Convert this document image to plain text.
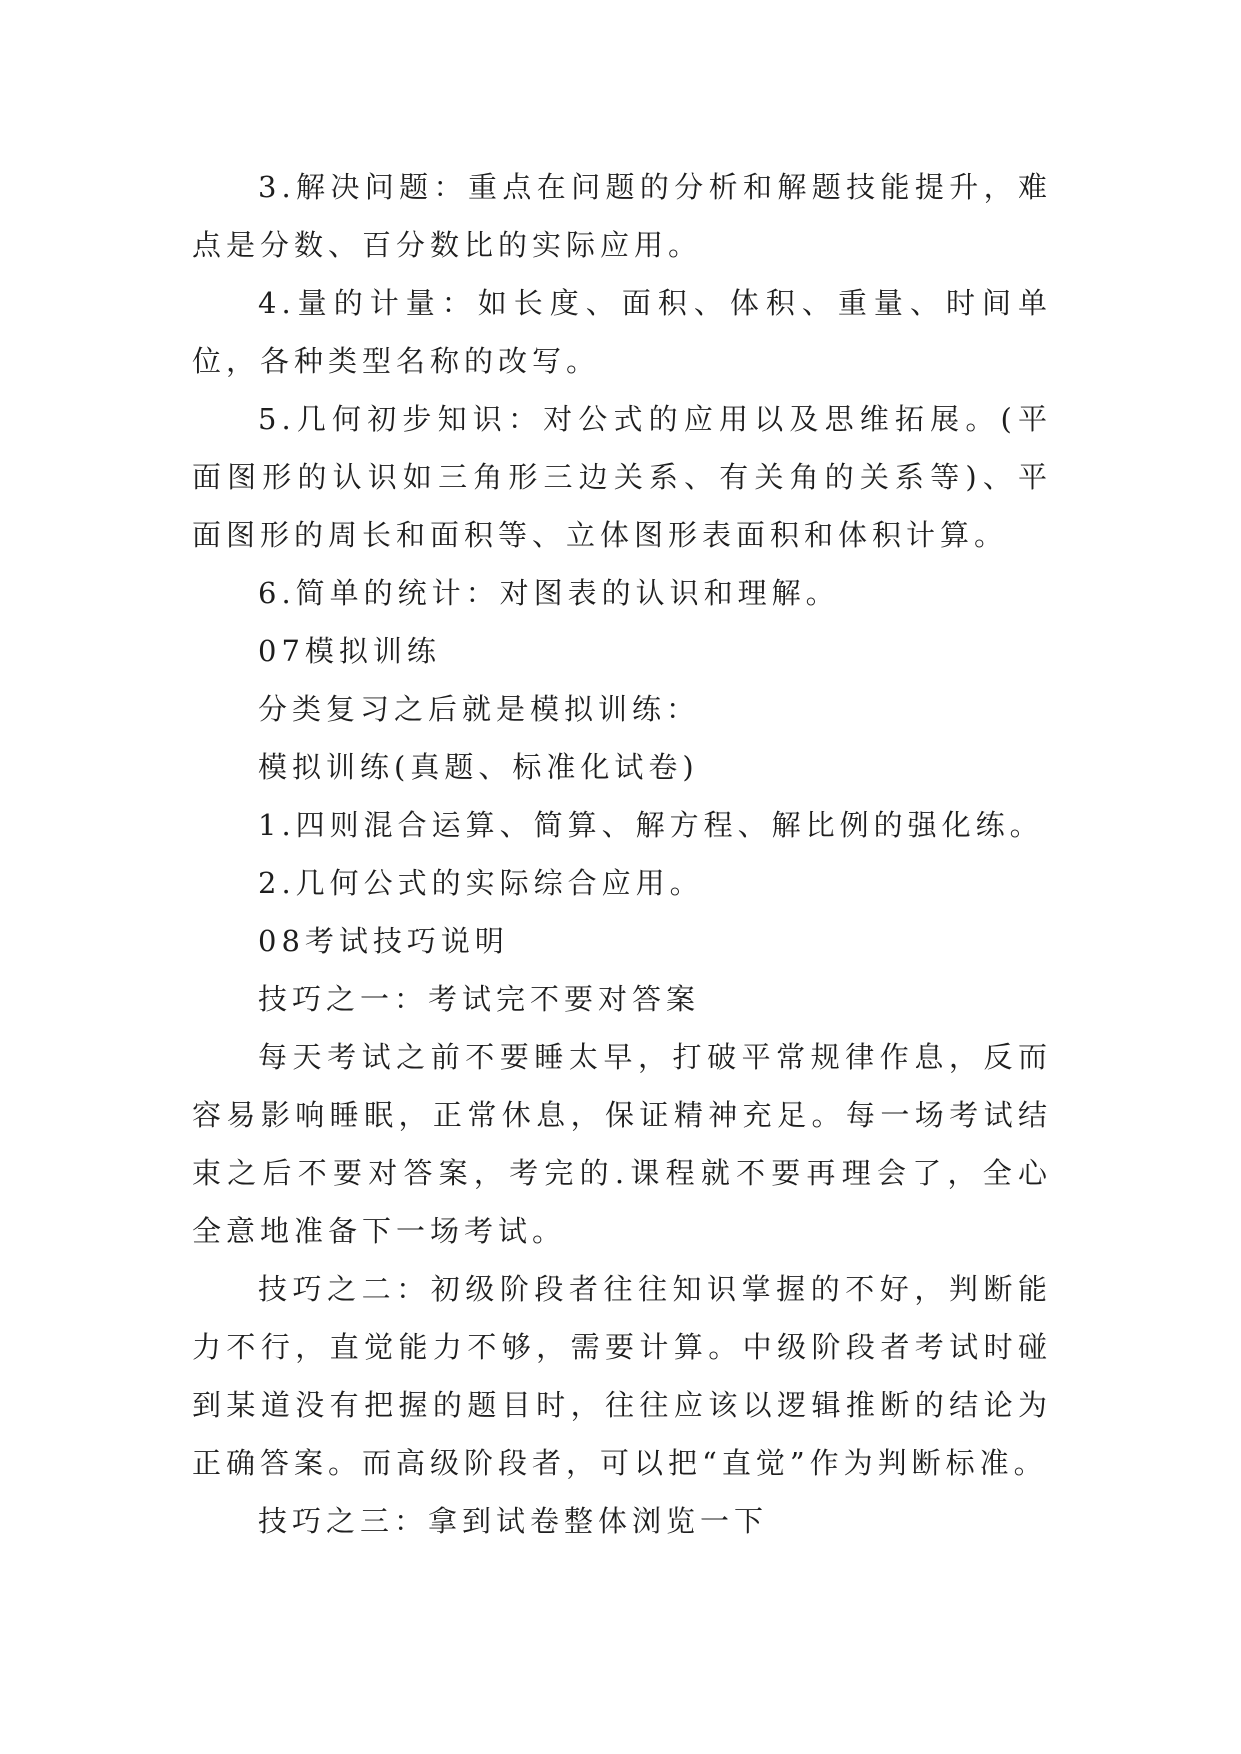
3.解决问题：重点在问题的分析和解题技能提升，难点是分数、百分数比的实际应用。

4.量的计量：如长度、面积、体积、重量、时间单位，各种类型名称的改写。

5.几何初步知识：对公式的应用以及思维拓展。(平面图形的认识如三角形三边关系、有关角的关系等)、平面图形的周长和面积等、立体图形表面积和体积计算。

6.简单的统计：对图表的认识和理解。

07模拟训练

分类复习之后就是模拟训练：

模拟训练(真题、标准化试卷)

1.四则混合运算、简算、解方程、解比例的强化练。

2.几何公式的实际综合应用。

08考试技巧说明

技巧之一：考试完不要对答案

每天考试之前不要睡太早，打破平常规律作息，反而容易影响睡眠，正常休息，保证精神充足。每一场考试结束之后不要对答案，考完的.课程就不要再理会了，全心全意地准备下一场考试。

技巧之二：初级阶段者往往知识掌握的不好，判断能力不行，直觉能力不够，需要计算。中级阶段者考试时碰到某道没有把握的题目时，往往应该以逻辑推断的结论为正确答案。而高级阶段者，可以把“直觉”作为判断标准。

技巧之三：拿到试卷整体浏览一下
